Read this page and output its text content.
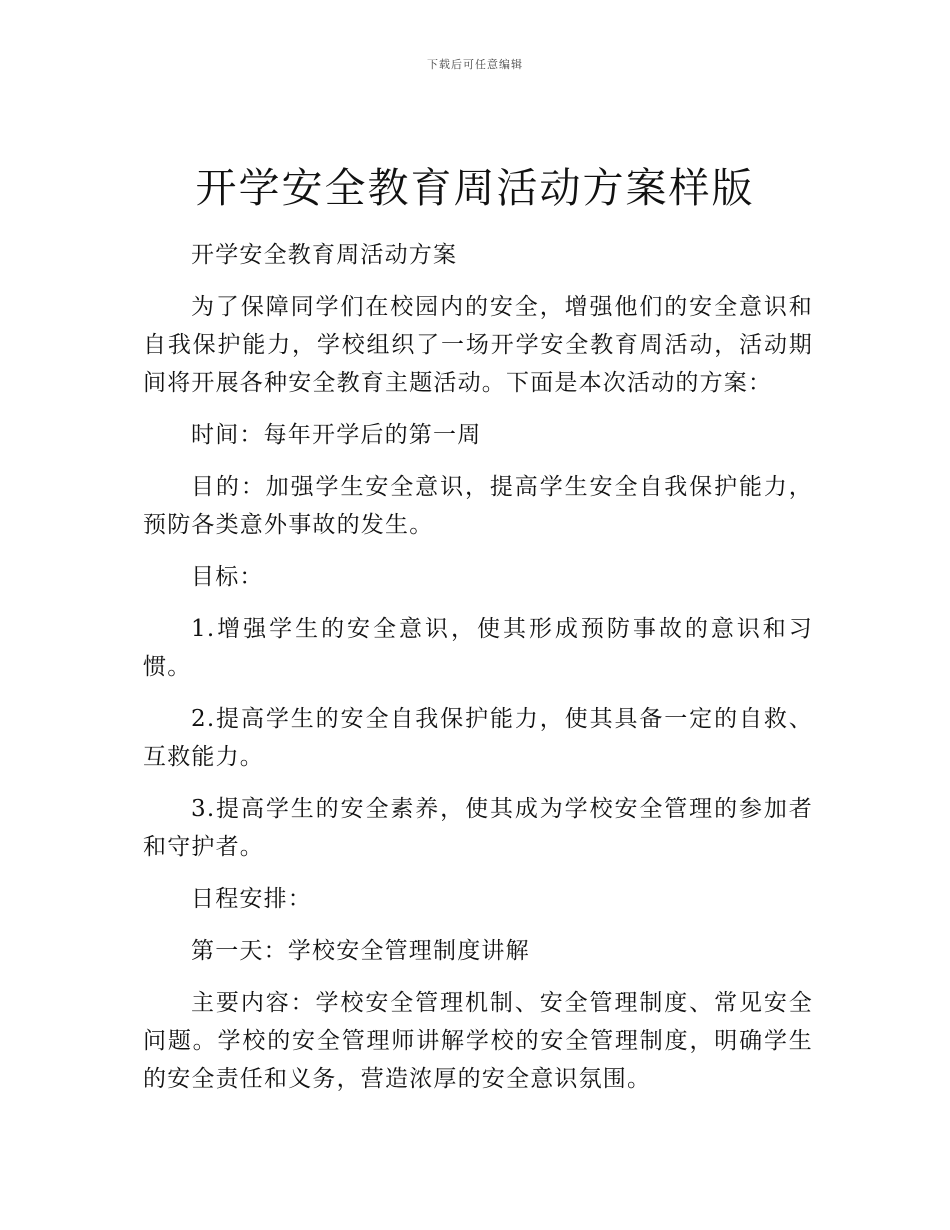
下载后可任意编辑
开学安全教育周活动方案样版

开学安全教育周活动方案

为了保障同学们在校园内的安全，增强他们的安全意识和自我保护能力，学校组织了一场开学安全教育周活动，活动期间将开展各种安全教育主题活动。下面是本次活动的方案：

时间：每年开学后的第一周

目的：加强学生安全意识，提高学生安全自我保护能力，预防各类意外事故的发生。

目标：

1.增强学生的安全意识，使其形成预防事故的意识和习惯。

2.提高学生的安全自我保护能力，使其具备一定的自救、互救能力。

3.提高学生的安全素养，使其成为学校安全管理的参加者和守护者。

日程安排：

第一天：学校安全管理制度讲解

主要内容：学校安全管理机制、安全管理制度、常见安全问题。学校的安全管理师讲解学校的安全管理制度，明确学生的安全责任和义务，营造浓厚的安全意识氛围。
